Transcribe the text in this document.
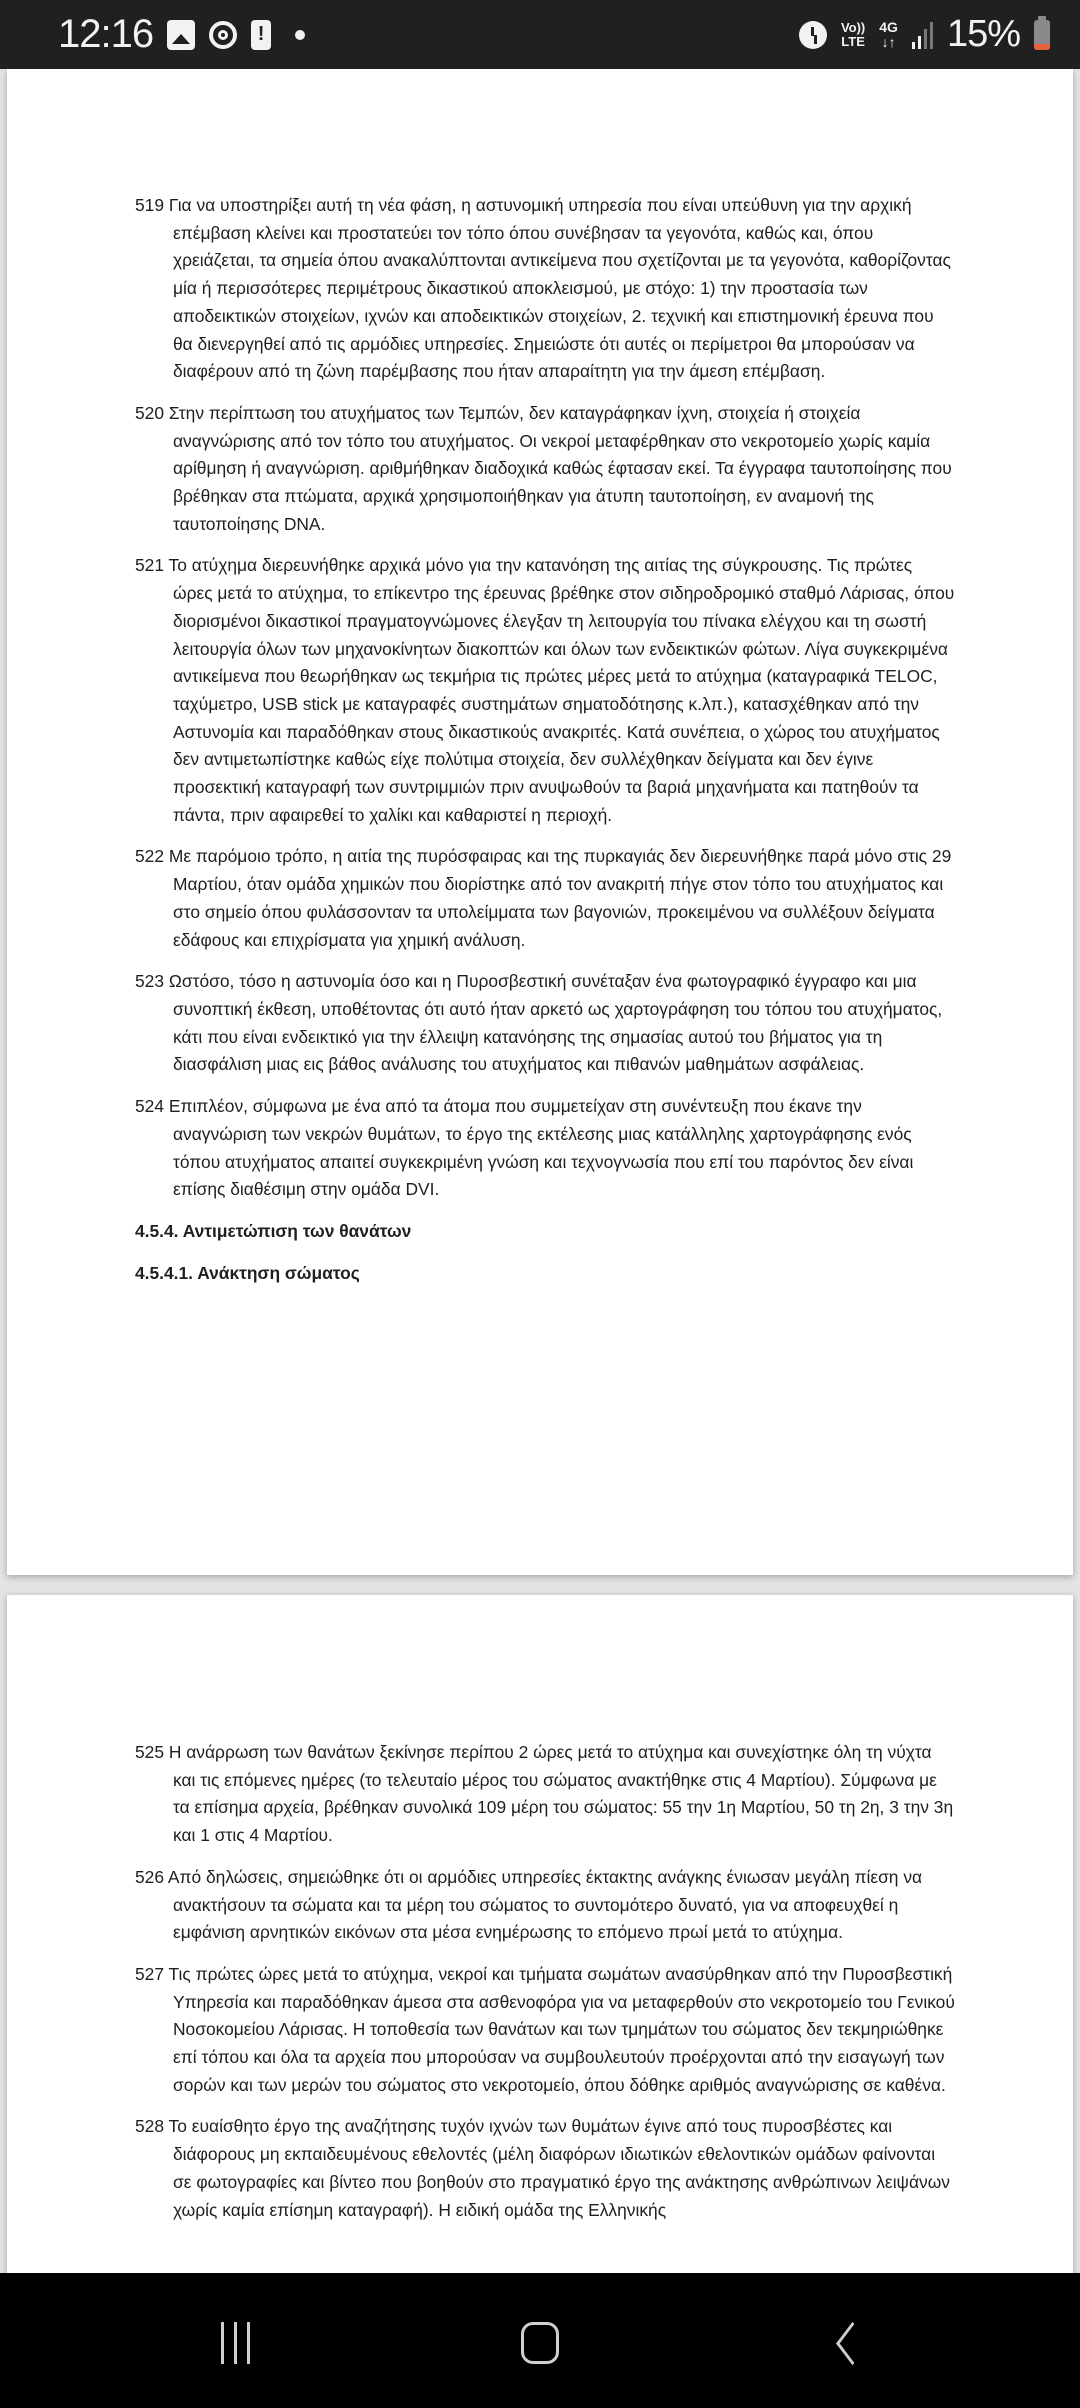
12:16 !	Vo))
LTE
4G
↓↑ 15%

519 Για να υποστηρίξει αυτή τη νέα φάση, η αστυνομική υπηρεσία που είναι υπεύθυνη για την αρχική επέμβαση κλείνει και προστατεύει τον τόπο όπου συνέβησαν τα γεγονότα, καθώς και, όπου χρειάζεται, τα σημεία όπου ανακαλύπτονται αντικείμενα που σχετίζονται με τα γεγονότα, καθορίζοντας μία ή περισσότερες περιμέτρους δικαστικού αποκλεισμού, με στόχο: 1) την προστασία των αποδεικτικών στοιχείων, ιχνών και αποδεικτικών στοιχείων, 2. τεχνική και επιστημονική έρευνα που θα διενεργηθεί από τις αρμόδιες υπηρεσίες. Σημειώστε ότι αυτές οι περίμετροι θα μπορούσαν να διαφέρουν από τη ζώνη παρέμβασης που ήταν απαραίτητη για την άμεση επέμβαση.

520 Στην περίπτωση του ατυχήματος των Τεμπών, δεν καταγράφηκαν ίχνη, στοιχεία ή στοιχεία αναγνώρισης από τον τόπο του ατυχήματος. Οι νεκροί μεταφέρθηκαν στο νεκροτομείο χωρίς καμία αρίθμηση ή αναγνώριση. αριθμήθηκαν διαδοχικά καθώς έφτασαν εκεί. Τα έγγραφα ταυτοποίησης που βρέθηκαν στα πτώματα, αρχικά χρησιμοποιήθηκαν για άτυπη ταυτοποίηση, εν αναμονή της ταυτοποίησης DNA.

521 Το ατύχημα διερευνήθηκε αρχικά μόνο για την κατανόηση της αιτίας της σύγκρουσης. Τις πρώτες ώρες μετά το ατύχημα, το επίκεντρο της έρευνας βρέθηκε στον σιδηροδρομικό σταθμό Λάρισας, όπου διορισμένοι δικαστικοί πραγματογνώμονες έλεγξαν τη λειτουργία του πίνακα ελέγχου και τη σωστή λειτουργία όλων των μηχανοκίνητων διακοπτών και όλων των ενδεικτικών φώτων. Λίγα συγκεκριμένα αντικείμενα που θεωρήθηκαν ως τεκμήρια τις πρώτες μέρες μετά το ατύχημα (καταγραφικά TELOC, ταχύμετρο, USB stick με καταγραφές συστημάτων σηματοδότησης κ.λπ.), κατασχέθηκαν από την Αστυνομία και παραδόθηκαν στους δικαστικούς ανακριτές. Κατά συνέπεια, ο χώρος του ατυχήματος δεν αντιμετωπίστηκε καθώς είχε πολύτιμα στοιχεία, δεν συλλέχθηκαν δείγματα και δεν έγινε προσεκτική καταγραφή των συντριμμιών πριν ανυψωθούν τα βαριά μηχανήματα και πατηθούν τα πάντα, πριν αφαιρεθεί το χαλίκι και καθαριστεί η περιοχή.

522 Με παρόμοιο τρόπο, η αιτία της πυρόσφαιρας και της πυρκαγιάς δεν διερευνήθηκε παρά μόνο στις 29 Μαρτίου, όταν ομάδα χημικών που διορίστηκε από τον ανακριτή πήγε στον τόπο του ατυχήματος και στο σημείο όπου φυλάσσονταν τα υπολείμματα των βαγονιών, προκειμένου να συλλέξουν δείγματα εδάφους και επιχρίσματα για χημική ανάλυση.

523 Ωστόσο, τόσο η αστυνομία όσο και η Πυροσβεστική συνέταξαν ένα φωτογραφικό έγγραφο και μια συνοπτική έκθεση, υποθέτοντας ότι αυτό ήταν αρκετό ως χαρτογράφηση του τόπου του ατυχήματος, κάτι που είναι ενδεικτικό για την έλλειψη κατανόησης της σημασίας αυτού του βήματος για τη διασφάλιση μιας εις βάθος ανάλυσης του ατυχήματος και πιθανών μαθημάτων ασφάλειας.

524 Επιπλέον, σύμφωνα με ένα από τα άτομα που συμμετείχαν στη συνέντευξη που έκανε την αναγνώριση των νεκρών θυμάτων, το έργο της εκτέλεσης μιας κατάλληλης χαρτογράφησης ενός τόπου ατυχήματος απαιτεί συγκεκριμένη γνώση και τεχνογνωσία που επί του παρόντος δεν είναι επίσης διαθέσιμη στην ομάδα DVI.

4.5.4. Αντιμετώπιση των θανάτων

4.5.4.1. Ανάκτηση σώματος

525 Η ανάρρωση των θανάτων ξεκίνησε περίπου 2 ώρες μετά το ατύχημα και συνεχίστηκε όλη τη νύχτα και τις επόμενες ημέρες (το τελευταίο μέρος του σώματος ανακτήθηκε στις 4 Μαρτίου). Σύμφωνα με τα επίσημα αρχεία, βρέθηκαν συνολικά 109 μέρη του σώματος: 55 την 1η Μαρτίου, 50 τη 2η, 3 την 3η και 1 στις 4 Μαρτίου.

526 Από δηλώσεις, σημειώθηκε ότι οι αρμόδιες υπηρεσίες έκτακτης ανάγκης ένιωσαν μεγάλη πίεση να ανακτήσουν τα σώματα και τα μέρη του σώματος το συντομότερο δυνατό, για να αποφευχθεί η εμφάνιση αρνητικών εικόνων στα μέσα ενημέρωσης το επόμενο πρωί μετά το ατύχημα.

527 Τις πρώτες ώρες μετά το ατύχημα, νεκροί και τμήματα σωμάτων ανασύρθηκαν από την Πυροσβεστική Υπηρεσία και παραδόθηκαν άμεσα στα ασθενοφόρα για να μεταφερθούν στο νεκροτομείο του Γενικού Νοσοκομείου Λάρισας. Η τοποθεσία των θανάτων και των τμημάτων του σώματος δεν τεκμηριώθηκε επί τόπου και όλα τα αρχεία που μπορούσαν να συμβουλευτούν προέρχονται από την εισαγωγή των σορών και των μερών του σώματος στο νεκροτομείο, όπου δόθηκε αριθμός αναγνώρισης σε καθένα.

528 Το ευαίσθητο έργο της αναζήτησης τυχόν ιχνών των θυμάτων έγινε από τους πυροσβέστες και διάφορους μη εκπαιδευμένους εθελοντές (μέλη διαφόρων ιδιωτικών εθελοντικών ομάδων φαίνονται σε φωτογραφίες και βίντεο που βοηθούν στο πραγματικό έργο της ανάκτησης ανθρώπινων λειψάνων χωρίς καμία επίσημη καταγραφή). Η ειδική ομάδα της Ελληνικής
